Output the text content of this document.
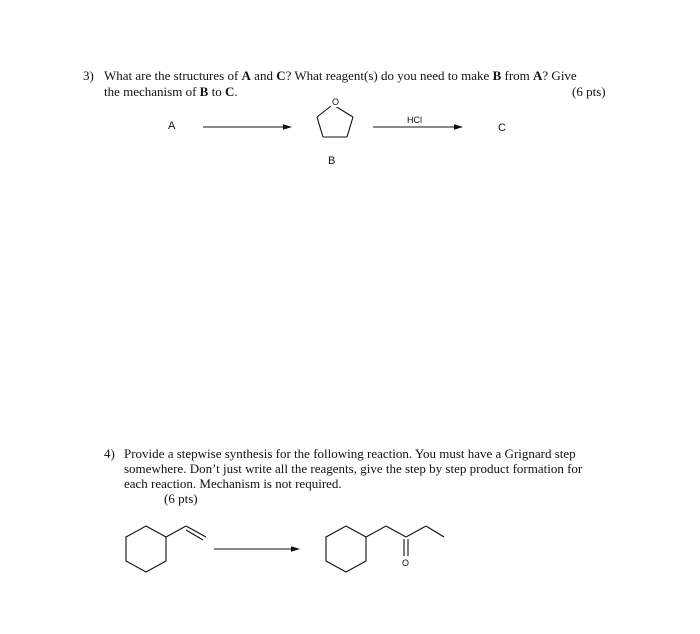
3) What are the structures of A and C? What reagent(s) do you need to make B from A? Give
the mechanism of B to C.	(6 pts)
A
O
HCl
C
B
4) Provide a stepwise synthesis for the following reaction. You must have a Grignard step
somewhere. Don’t just write all the reagents, give the step by step product formation for
each reaction. Mechanism is not required.
(6 pts)
O
